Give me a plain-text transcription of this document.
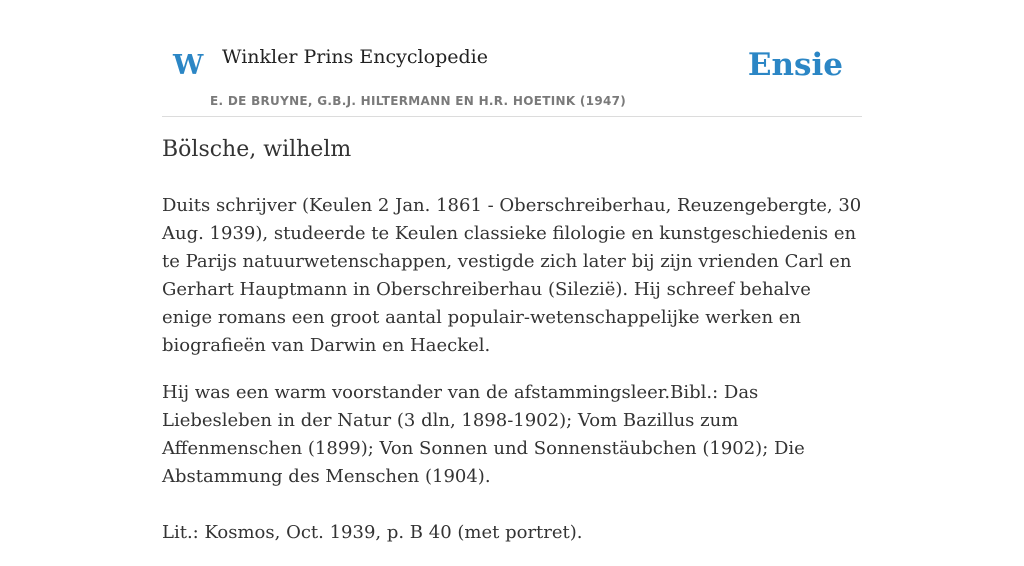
W Winkler Prins Encyclopedie
E. DE BRUYNE, G.B.J. HILTERMANN EN H.R. HOETINK (1947)
Ensie
Bölsche, wilhelm

Duits schrijver (Keulen 2 Jan. 1861 - Oberschreiberhau, Reuzengebergte, 30 Aug. 1939), studeerde te Keulen classieke filologie en kunstgeschiedenis en te Parijs natuurwetenschappen, vestigde zich later bij zijn vrienden Carl en Gerhart Hauptmann in Oberschreiberhau (Silezië). Hij schreef behalve enige romans een groot aantal populair-wetenschappelijke werken en biografieën van Darwin en Haeckel.

Hij was een warm voorstander van de afstammingsleer.Bibl.: Das Liebesleben in der Natur (3 dln, 1898-1902); Vom Bazillus zum Affenmenschen (1899); Von Sonnen und Sonnenstäubchen (1902); Die Abstammung des Menschen (1904).

Lit.: Kosmos, Oct. 1939, p. B 40 (met portret).
